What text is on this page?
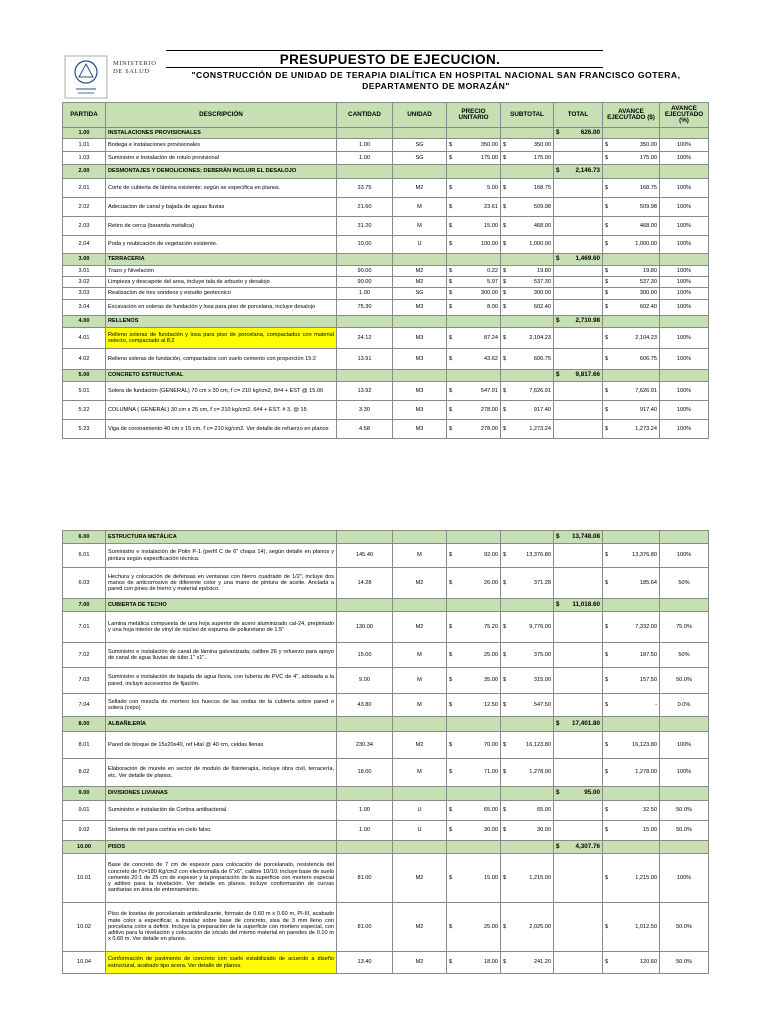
MINISTERIO
DE SALUD
PRESUPUESTO DE EJECUCION.
"CONSTRUCCIÓN DE UNIDAD DE TERAPIA DIALÍTICA EN HOSPITAL NACIONAL SAN FRANCISCO GOTERA, DEPARTAMENTO DE MORAZÁN"
PARTIDA	DESCRIPCIÓN	CANTIDAD	UNIDAD	PRECIO UNITARIO	SUBTOTAL	TOTAL	AVANCE EJECUTADO ($)	AVANCE EJECUTADO (%)
1.00	INSTALACIONES PROVISIONALES					$ 626.00		

1.01	Bodega e instalaciones provisionales	1.00	SG	$ 350.00	$ 350.00		$ 350.00	100%
1.03	Suministro e Instalación de rotulo provisional	1.00	SG	$ 175.00	$ 175.00		$ 175.00	100%
2.00	DESMONTAJES Y DEMOLICIONES; DEBERÁN INCLUIR EL DESALOJO					$ 2,146.73		

2.01	Corte de cubierta de lámina existente; según se especifica en planos.	33.75	M2	$ 5.00	$ 168.75		$ 168.75	100%
2.02	Adecuacion de canal y bajada de aguas lluvias	21.60	M	$ 23.61	$ 509.98		$ 509.98	100%
2.03	Retiro de cerca (baranda metalica)	31.20	M	$ 15.00	$ 468.00		$ 468.00	100%
2.04	Poda y reubicación de vegetación existente.	10.00	U	$ 100.00	$ 1,000.00		$ 1,000.00	100%
3.00	TERRACERIA					$ 1,469.60		

3.01	Trazo y Nivelación	90.00	M2	$ 0.22	$ 19.80		$ 19.80	100%
3.02	Limpieza y descapote del area, incluye tala de arbusto y desalojo	90.00	M2	$ 5.97	$ 537.30		$ 537.30	100%
3.03	Realizacion de tres sondeos y estudio geotecnico	1.00	SG	$ 300.00	$ 300.00		$ 300.00	100%
3.04	Excavación en soleras de fundación y losa para piso de porcelana, incluye desalojo	75.30	M3	$ 8.00	$ 602.40		$ 602.40	100%
4.00	RELLENOS					$ 2,710.98		

4.01	Relleno soleras de fundación y losa para piso de porcelana, compactados con material selecto, compactado al 8:2	24.12	M3	$ 87.24	$ 2,104.23		$ 2,104.23	100%
4.02	Relleno soleras de fundación, compactados con suelo cemento con proporción 15:2	13.91	M3	$ 43.62	$ 606.75		$ 606.75	100%
5.00	CONCRETO ESTRUCTURAL					$ 9,817.66		

5.01	Solera de fundación (GENERAL) 70 cm x 30 cm, f´c= 210 kg/cm2, 8#4 + EST @ 15.00	13.92	M3	$ 547.91	$ 7,626.91		$ 7,626.91	100%
5.22	COLUMNA ( GENERAL) 30 cm x 25 cm, f´c= 210 kg/cm2, 6#4 + EST. # 3, @ 15	3.30	M3	$ 278.00	$ 917.40		$ 917.40	100%
5.23	Viga de coronamiento 40 cm x 15 cm, f´c= 210 kg/cm2. Ver detalle de refuerzo en planos	4.58	M3	$ 278.00	$ 1,273.24		$ 1,273.24	100%
6.00	ESTRUCTURA METÁLICA					$ 13,748.08		

6.01	Suministro e instalación de Polin P-1 (perfil C de 6" chapa 14), según detalle en planos y pintura según especificación técnica.	145.40	M	$ 92.00	$ 13,376.80		$ 13,376.80	100%
6.03	Hechura y colocación de defensas en ventanas con hierro cuadrado de 1/2", incluye dos manos de anticorrosivo de diferente color y una mano de pintura de aceite. Anclada a pared con pines de hierro y material epóxico.	14.28	M2	$ 26.00	$ 371.28		$ 185.64	50%
7.00	CUBIERTA DE TECHO					$ 11,018.60		

7.01	Lamina metálica compuesta de una hoja superior de acero aluminizado cal-24, prepintado y una hoja interior de vinyl de núcleo de espuma de poliuretano de 1.5"	130.00	M2	$ 75.20	$ 9,776.00		$ 7,332.00	75.0%
7.02	Suministro e instalación de canal de lámina galvanizada, calibre 26 y refuerzo para apoyo de canal de agua lluvias de tubo 1" x1".	15.00	M	$ 25.00	$ 375.00		$ 187.50	50%
7.03	Suministro e instalación de bajada de agua lluvia, con tuberia de PVC de 4", adosada a la pared, incluye accesorios de fijación.	9.00	M	$ 35.00	$ 315.00		$ 157.50	50.0%
7.04	Sellado con mezcla de mortero los huecos de las ondas de la cubierta sobre pared o solera (cepo)	43.80	M	$ 12.50	$ 547.50		$ -	0.0%
8.00	ALBAÑILERÍA					$ 17,401.80		

8.01	Pared de bloque de 15x20x40, ref Htal @ 40 cm, celdas llenas	230.34	M2	$ 70.00	$ 16,123.80		$ 16,123.80	100%
8.02	Elaboración de murete en sector de modulo de fisioterapia, incluye obra civil, terracería, etc. Ver detalle de planos.	18.00	M	$ 71.00	$ 1,278.00		$ 1,278.00	100%
9.00	DIVISIONES LIVIANAS					$ 95.00		

9.01	Suministro e instalación de Cortina antibacterial.	1.00	U	$ 65.00	$ 65.00		$ 32.50	50.0%
9.02	Sistema de riel para cortina en cielo falso.	1.00	U	$ 30.00	$ 30.00		$ 15.00	50.0%
10.00	PISOS					$ 4,307.76		

10.01	Base de concreto de 7 cm de espesor para colocación de porcelanato, resistencia del concreto de f'c=180 Kg/cm2 con electromalla de 6"x6", calibre 10/10; incluye base de suelo cemento 20:1 de 25 cm de espesor y la preparación de la superficie con mortero especial y aditivo para la nivelación. Ver detalle en planos. incluye conformación de curvas sanitarias en área de entrenamiento.	81.00	M2	$ 15.00	$ 1,215.00		$ 1,215.00	100%
10.02	Piso de losetas de porcelanato antideslizante, formato de 0.60 m x 0.60 m, PI-III, acabado mate color a especificar, a instalar sobre base de concreto, sisa de 3 mm lleno con porcelana color a definir. Incluye la preparación de la superficie con mortero especial, con aditivo para la nivelación y colocación de zócalo del mismo material en paredes de 0.10 m x 0.60 m. Ver detalle en planos.	81.00	M2	$ 25.00	$ 2,025.00		$ 1,012.50	50.0%
10.04	Conformación de pavimento de concreto con suelo estabilizado de acuerdo a diseño estructural, acabado tipo acera. Ver detalle de planos.	13.40	M2	$ 18.00	$ 241.20		$ 120.60	50.0%
